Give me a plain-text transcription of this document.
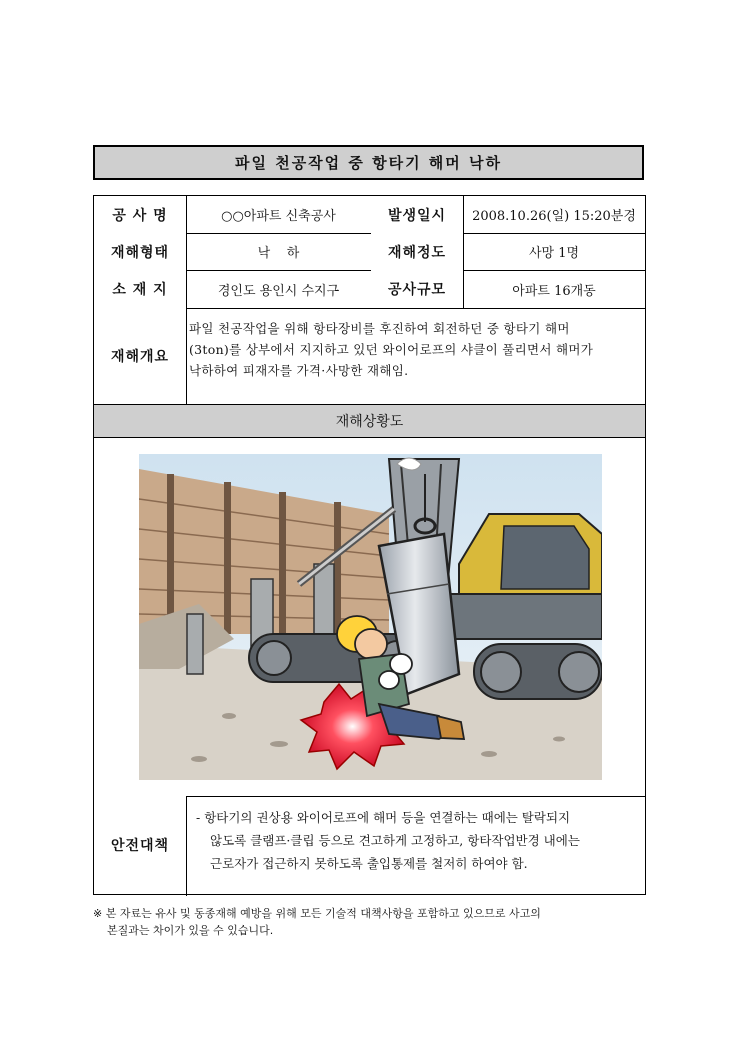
파일 천공작업 중 항타기 해머 낙하
공 사 명	○○아파트 신축공사	발생일시	2008.10.26(일) 15:20분경
재해형태	낙    하	재해정도	사망 1명
소 재 지	경인도 용인시 수지구	공사규모	아파트 16개동
재해개요
파일 천공작업을 위해 항타장비를 후진하여 회전하던 중 항타기 해머
(3ton)를 상부에서 지지하고 있던 와이어로프의 샤클이 풀리면서 해머가
낙하하여 피재자를 가격·사망한 재해임.
재해상황도
안전대책
- 항타기의 권상용 와이어로프에 해머 등을 연결하는 때에는 탈락되지
않도록 클램프·클립 등으로 견고하게 고정하고, 항타작업반경 내에는
근로자가 접근하지 못하도록 출입통제를 철저히 하여야 함.
※ 본 자료는 유사 및 동종재해 예방을 위해 모든 기술적 대책사항을 포함하고 있으므로 사고의
본질과는 차이가 있을 수 있습니다.
